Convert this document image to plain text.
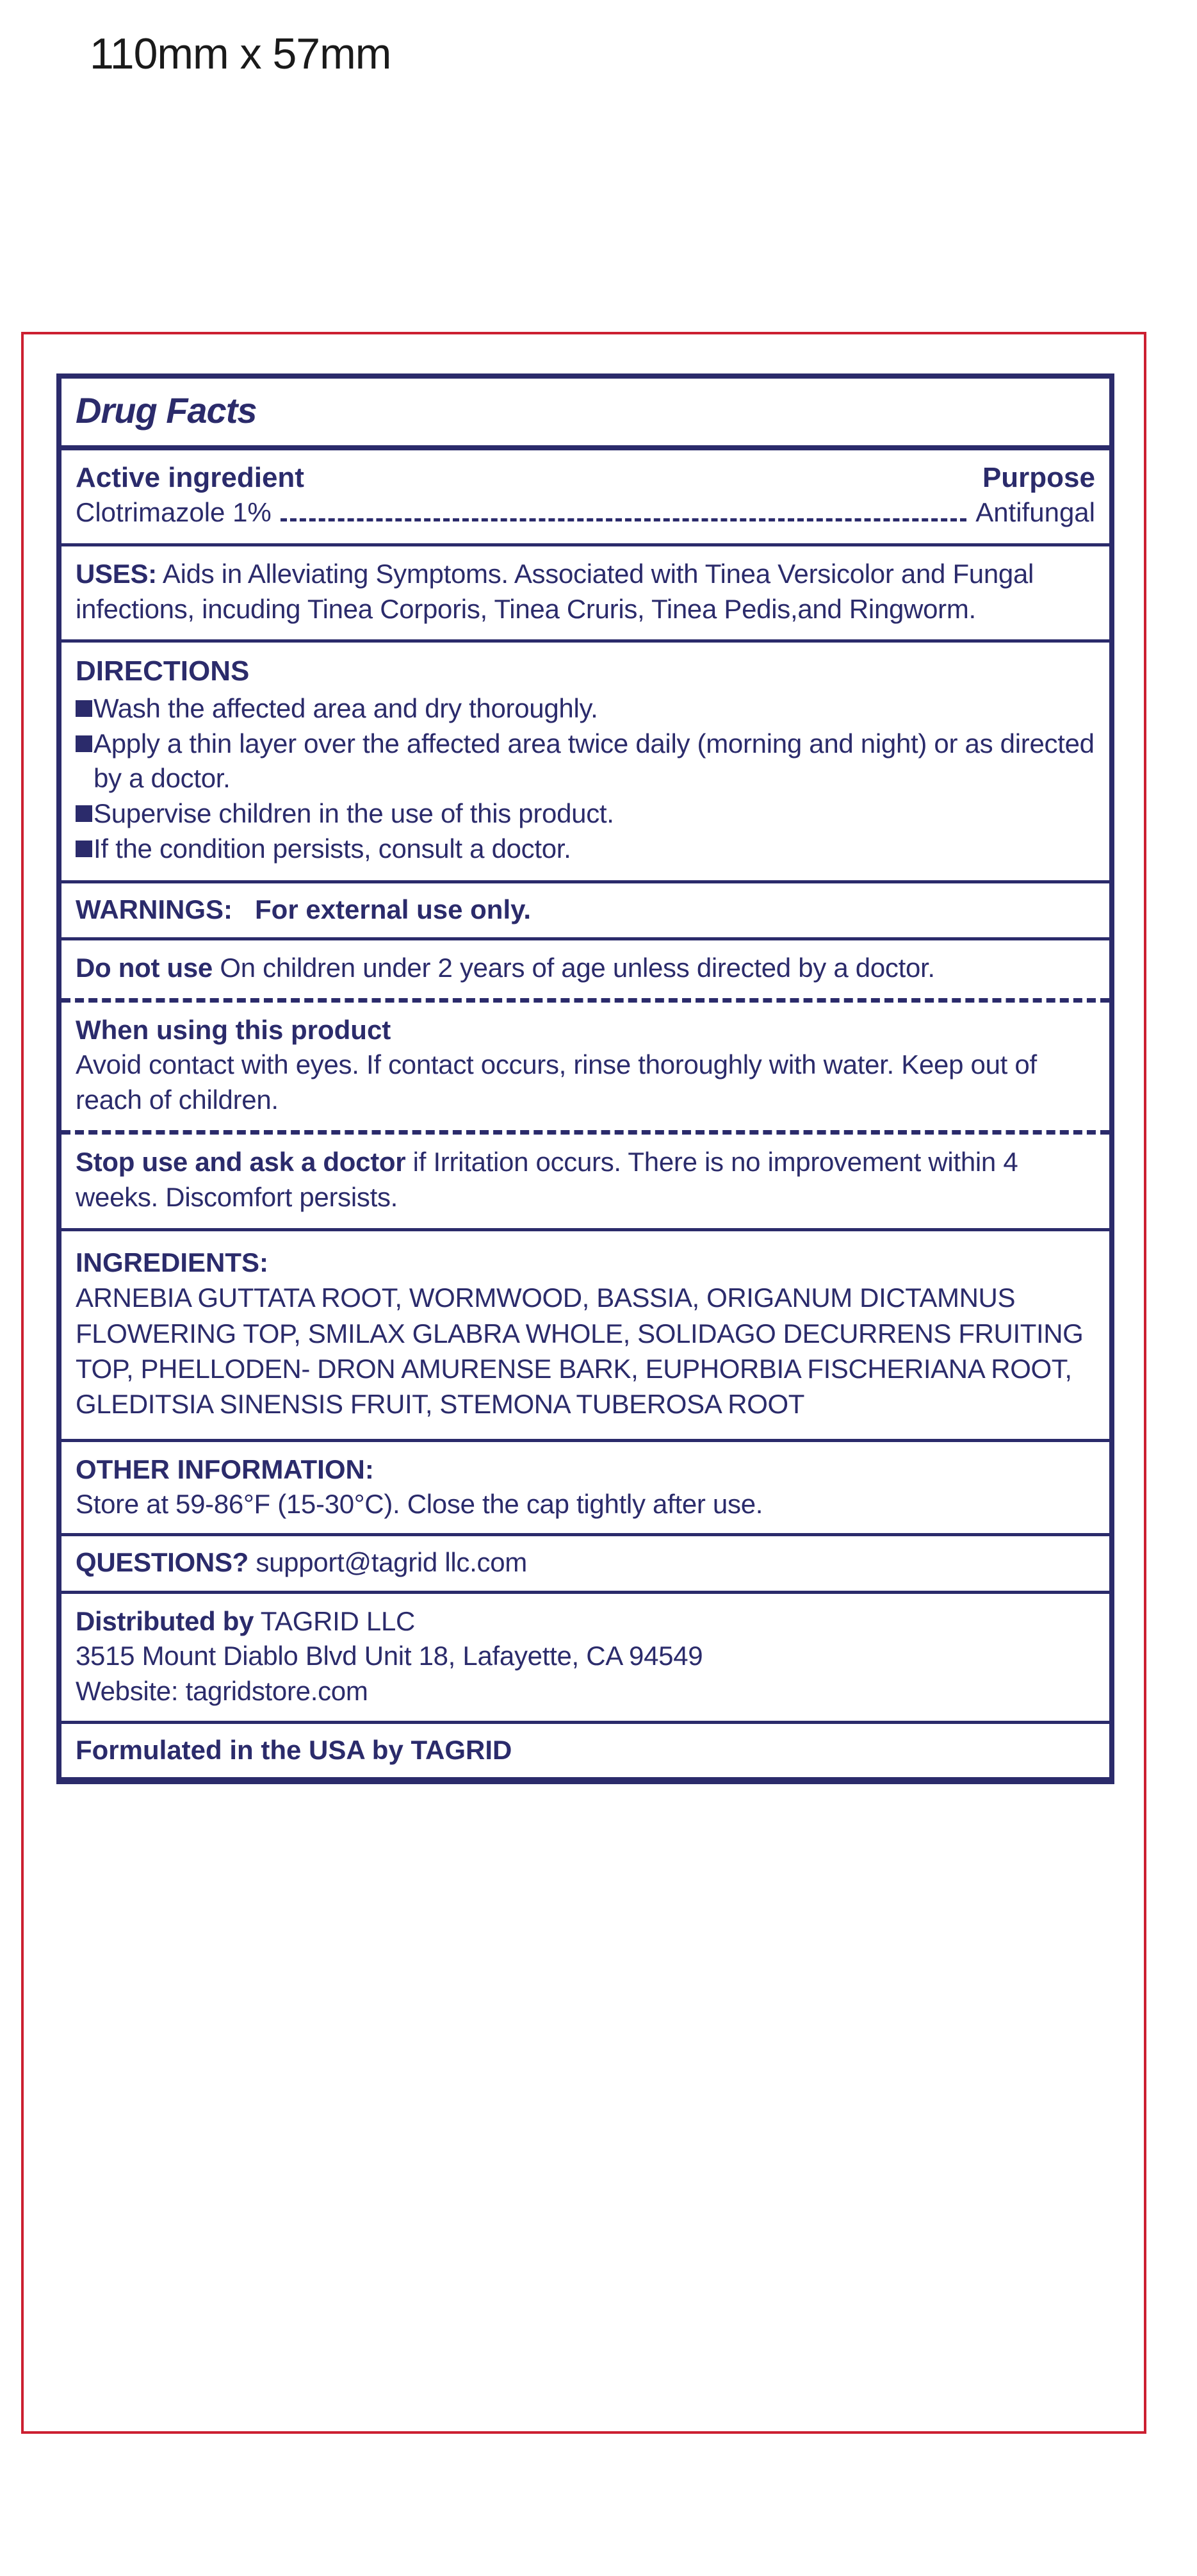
110mm x 57mm
Drug Facts
Active ingredient	Purpose
Clotrimazole 1%	Antifungal
USES: Aids in Alleviating Symptoms. Associated with Tinea Versicolor and Fungal infections, incuding Tinea Corporis, Tinea Cruris, Tinea Pedis,and Ringworm.
DIRECTIONS
Wash the affected area and dry thoroughly.
Apply a thin layer over the affected area twice daily (morning and night) or as directed by a doctor.
Supervise children in the use of this product.
If the condition persists, consult a doctor.
WARNINGS: For external use only.
Do not use On children under 2 years of age unless directed by a doctor.
When using this product
Avoid contact with eyes. If contact occurs, rinse thoroughly with water. Keep out of reach of children.
Stop use and ask a doctor if Irritation occurs. There is no improvement within 4 weeks. Discomfort persists.
INGREDIENTS:
ARNEBIA GUTTATA ROOT, WORMWOOD, BASSIA, ORIGANUM DICTAMNUS FLOWERING TOP, SMILAX GLABRA WHOLE, SOLIDAGO DECURRENS FRUITING TOP, PHELLODEN- DRON AMURENSE BARK, EUPHORBIA FISCHERIANA ROOT, GLEDITSIA SINENSIS FRUIT, STEMONA TUBEROSA ROOT
OTHER INFORMATION:
Store at 59-86°F (15-30°C). Close the cap tightly after use.
QUESTIONS? support@tagrid llc.com
Distributed by TAGRID LLC
3515 Mount Diablo Blvd Unit 18, Lafayette, CA 94549
Website: tagridstore.com
Formulated in the USA by TAGRID
